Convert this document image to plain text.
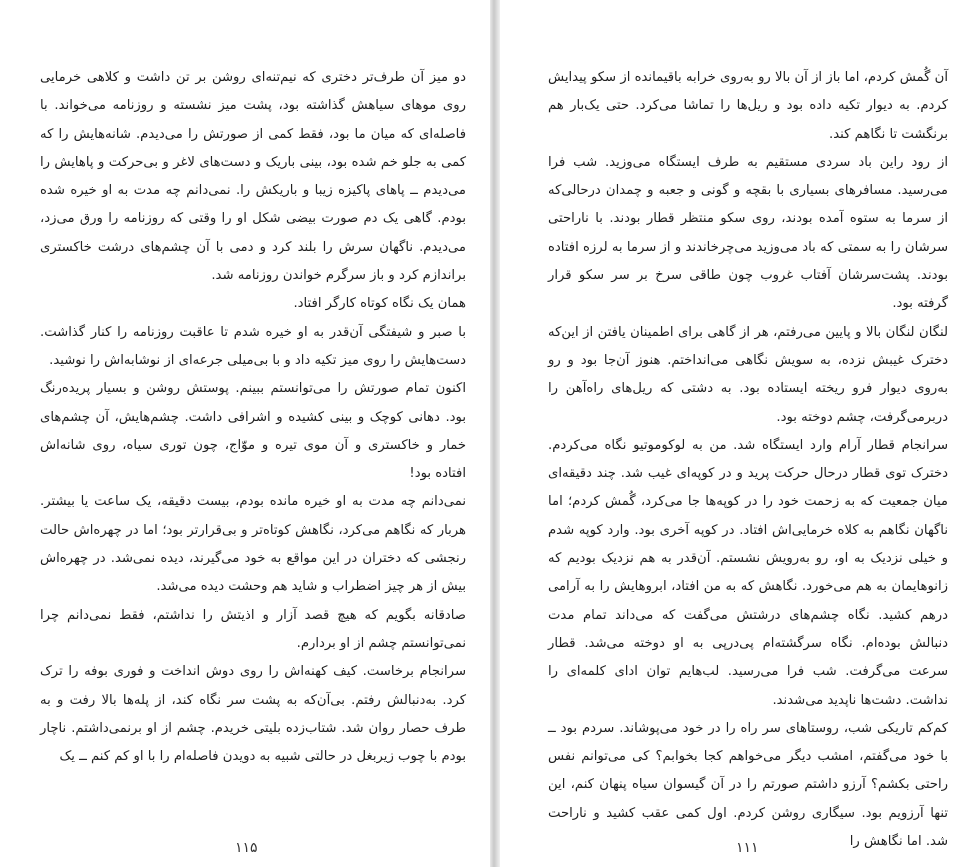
دو میز آن طرف‌تر دختری که نیم‌تنه‌ای روشن بر تن داشت و کلاهی خرمایی روی موهای سیاهش گذاشته بود، پشت میز نشسته و روزنامه می‌خواند. با فاصله‌ای که میان ما بود، فقط کمی از صورتش را می‌دیدم. شانه‌هایش را که کمی به جلو خم شده بود، بینی باریک و دست‌های لاغر و بی‌حرکت و پاهایش را می‌دیدم ــ پاهای پاکیزه زیبا و باریکش را. نمی‌دانم چه مدت به او خیره شده بودم. گاهی یک دم صورت بیضی شکل او را وقتی که روزنامه را ورق می‌زد، می‌دیدم. ناگهان سرش را بلند کرد و دمی با آن چشم‌های درشت خاکستری براندازم کرد و باز سرگرم خواندن روزنامه شد.

همان یک نگاه کوتاه کارگر افتاد.

با صبر و شیفتگی آن‌قدر به او خیره شدم تا عاقبت روزنامه را کنار گذاشت. دست‌هایش را روی میز تکیه داد و با بی‌میلی جرعه‌ای از نوشابه‌اش را نوشید.

اکنون تمام صورتش را می‌توانستم ببینم. پوستش روشن و بسیار پریده‌رنگ بود. دهانی کوچک و بینی کشیده و اشرافی داشت. چشم‌هایش، آن چشم‌های خمار و خاکستری و آن موی تیره و موّاج، چون توری سیاه، روی شانه‌اش افتاده بود!

نمی‌دانم چه مدت به او خیره مانده بودم، بیست دقیقه، یک ساعت یا بیشتر. هربار که نگاهم می‌کرد، نگاهش کوتاه‌تر و بی‌قرارتر بود؛ اما در چهره‌اش حالت رنجشی که دختران در این مواقع به خود می‌گیرند، دیده نمی‌شد. در چهره‌اش بیش از هر چیز اضطراب و شاید هم وحشت دیده می‌شد.

صادقانه بگویم که هیچ قصد آزار و اذیتش را نداشتم، فقط نمی‌دانم چرا نمی‌توانستم چشم از او بردارم.

سرانجام برخاست. کیف کهنه‌اش را روی دوش انداخت و فوری بوفه را ترک کرد. به‌دنبالش رفتم. بی‌آن‌که به پشت سر نگاه کند، از پله‌ها بالا رفت و به طرف حصار روان شد. شتاب‌زده بلیتی خریدم. چشم از او برنمی‌داشتم. ناچار بودم با چوب زیربغل در حالتی شبیه به دویدن فاصله‌ام را با او کم کنم ــ یک

۱۱۵

آن گُمش کردم، اما باز از آن بالا رو به‌روی خرابه باقیمانده از سکو پیدایش کردم. به دیوار تکیه داده بود و ریل‌ها را تماشا می‌کرد. حتی یک‌بار هم برنگشت تا نگاهم کند.

از رود راین باد سردی مستقیم به طرف ایستگاه می‌وزید. شب فرا می‌رسید. مسافرهای بسیاری با بقچه و گونی و جعبه و چمدان درحالی‌که از سرما به ستوه آمده بودند، روی سکو منتظر قطار بودند. با ناراحتی سرشان را به سمتی که باد می‌وزید می‌چرخاندند و از سرما به لرزه افتاده بودند. پشت‌سرشان آفتاب غروب چون طاقی سرخ بر سر سکو قرار گرفته بود.

لنگان لنگان بالا و پایین می‌رفتم، هر از گاهی برای اطمینان یافتن از این‌که دخترک غیبش نزده، به سویش نگاهی می‌انداختم. هنوز آن‌جا بود و رو به‌روی دیوار فرو ریخته ایستاده بود. به دشتی که ریل‌های راه‌آهن را دربرمی‌گرفت، چشم دوخته بود.

سرانجام قطار آرام وارد ایستگاه شد. من به لوکوموتیو نگاه می‌کردم. دخترک توی قطار درحال حرکت پرید و در کوپه‌ای غیب شد. چند دقیقه‌ای میان جمعیت که به زحمت خود را در کوپه‌ها جا می‌کرد، گُمش کردم؛ اما ناگهان نگاهم به کلاه خرمایی‌اش افتاد. در کوپه آخری بود. وارد کوپه شدم و خیلی نزدیک به او، رو به‌رویش نشستم. آن‌قدر به هم نزدیک بودیم که زانوهایمان به هم می‌خورد. نگاهش که به من افتاد، ابروهایش را به آرامی درهم کشید. نگاه چشم‌های درشتش می‌گفت که می‌داند تمام مدت دنبالش بوده‌ام. نگاه سرگشته‌ام پی‌درپی به او دوخته می‌شد. قطار سرعت می‌گرفت. شب فرا می‌رسید. لب‌هایم توان ادای کلمه‌ای را نداشت. دشت‌ها ناپدید می‌شدند.

کم‌کم تاریکی شب، روستاهای سر راه را در خود می‌پوشاند. سردم بود ــ با خود می‌گفتم، امشب دیگر می‌خواهم کجا بخوابم؟ کی می‌توانم نفس راحتی بکشم؟ آرزو داشتم صورتم را در آن گیسوان سیاه پنهان کنم، این تنها آرزویم بود. سیگاری روشن کردم. اول کمی عقب کشید و ناراحت شد. اما نگاهش را

۱۱۱
